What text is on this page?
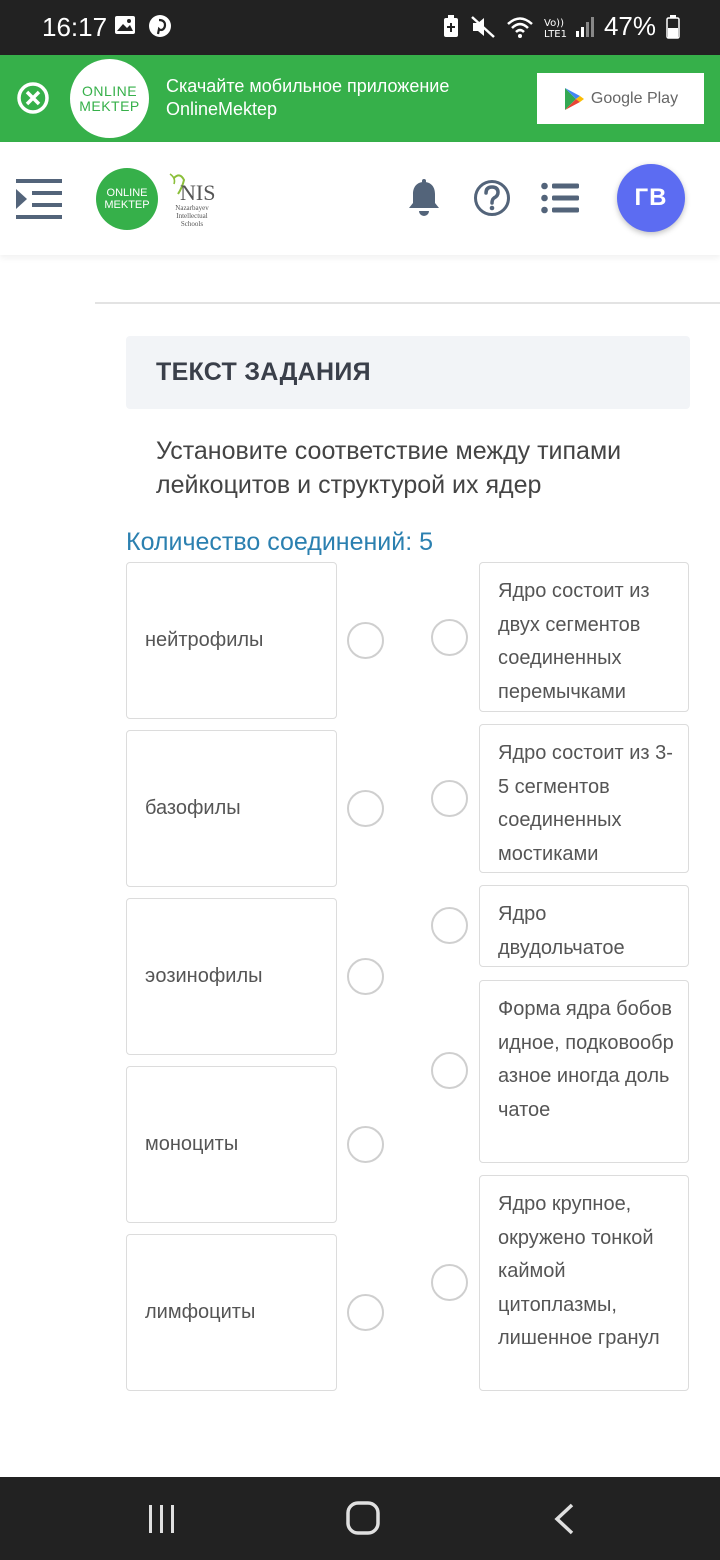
16:17	Vo))
LTE1 47%
ONLINE
MEKTEP
Скачайте мобильное приложение
OnlineMektep
Google Play
ONLINE
MEKTEP NIS
Nazarbayev Intellectual Schools
ГВ
ТЕКСТ ЗАДАНИЯ
Установите соответствие между типами лейкоцитов и структурой их ядер
Количество соединений: 5
нейтрофилы
базофилы
эозинофилы
моноциты
лимфоциты
Ядро состоит из двух сегментов соединенных перемычками
Ядро состоит из 3-5 сегментов соединенных мостиками
Ядро двудольчатое
Форма ядра бобовидное, подковообразное иногда дольчатое
Ядро крупное, окружено тонкой каймой цитоплазмы, лишенное гранул
